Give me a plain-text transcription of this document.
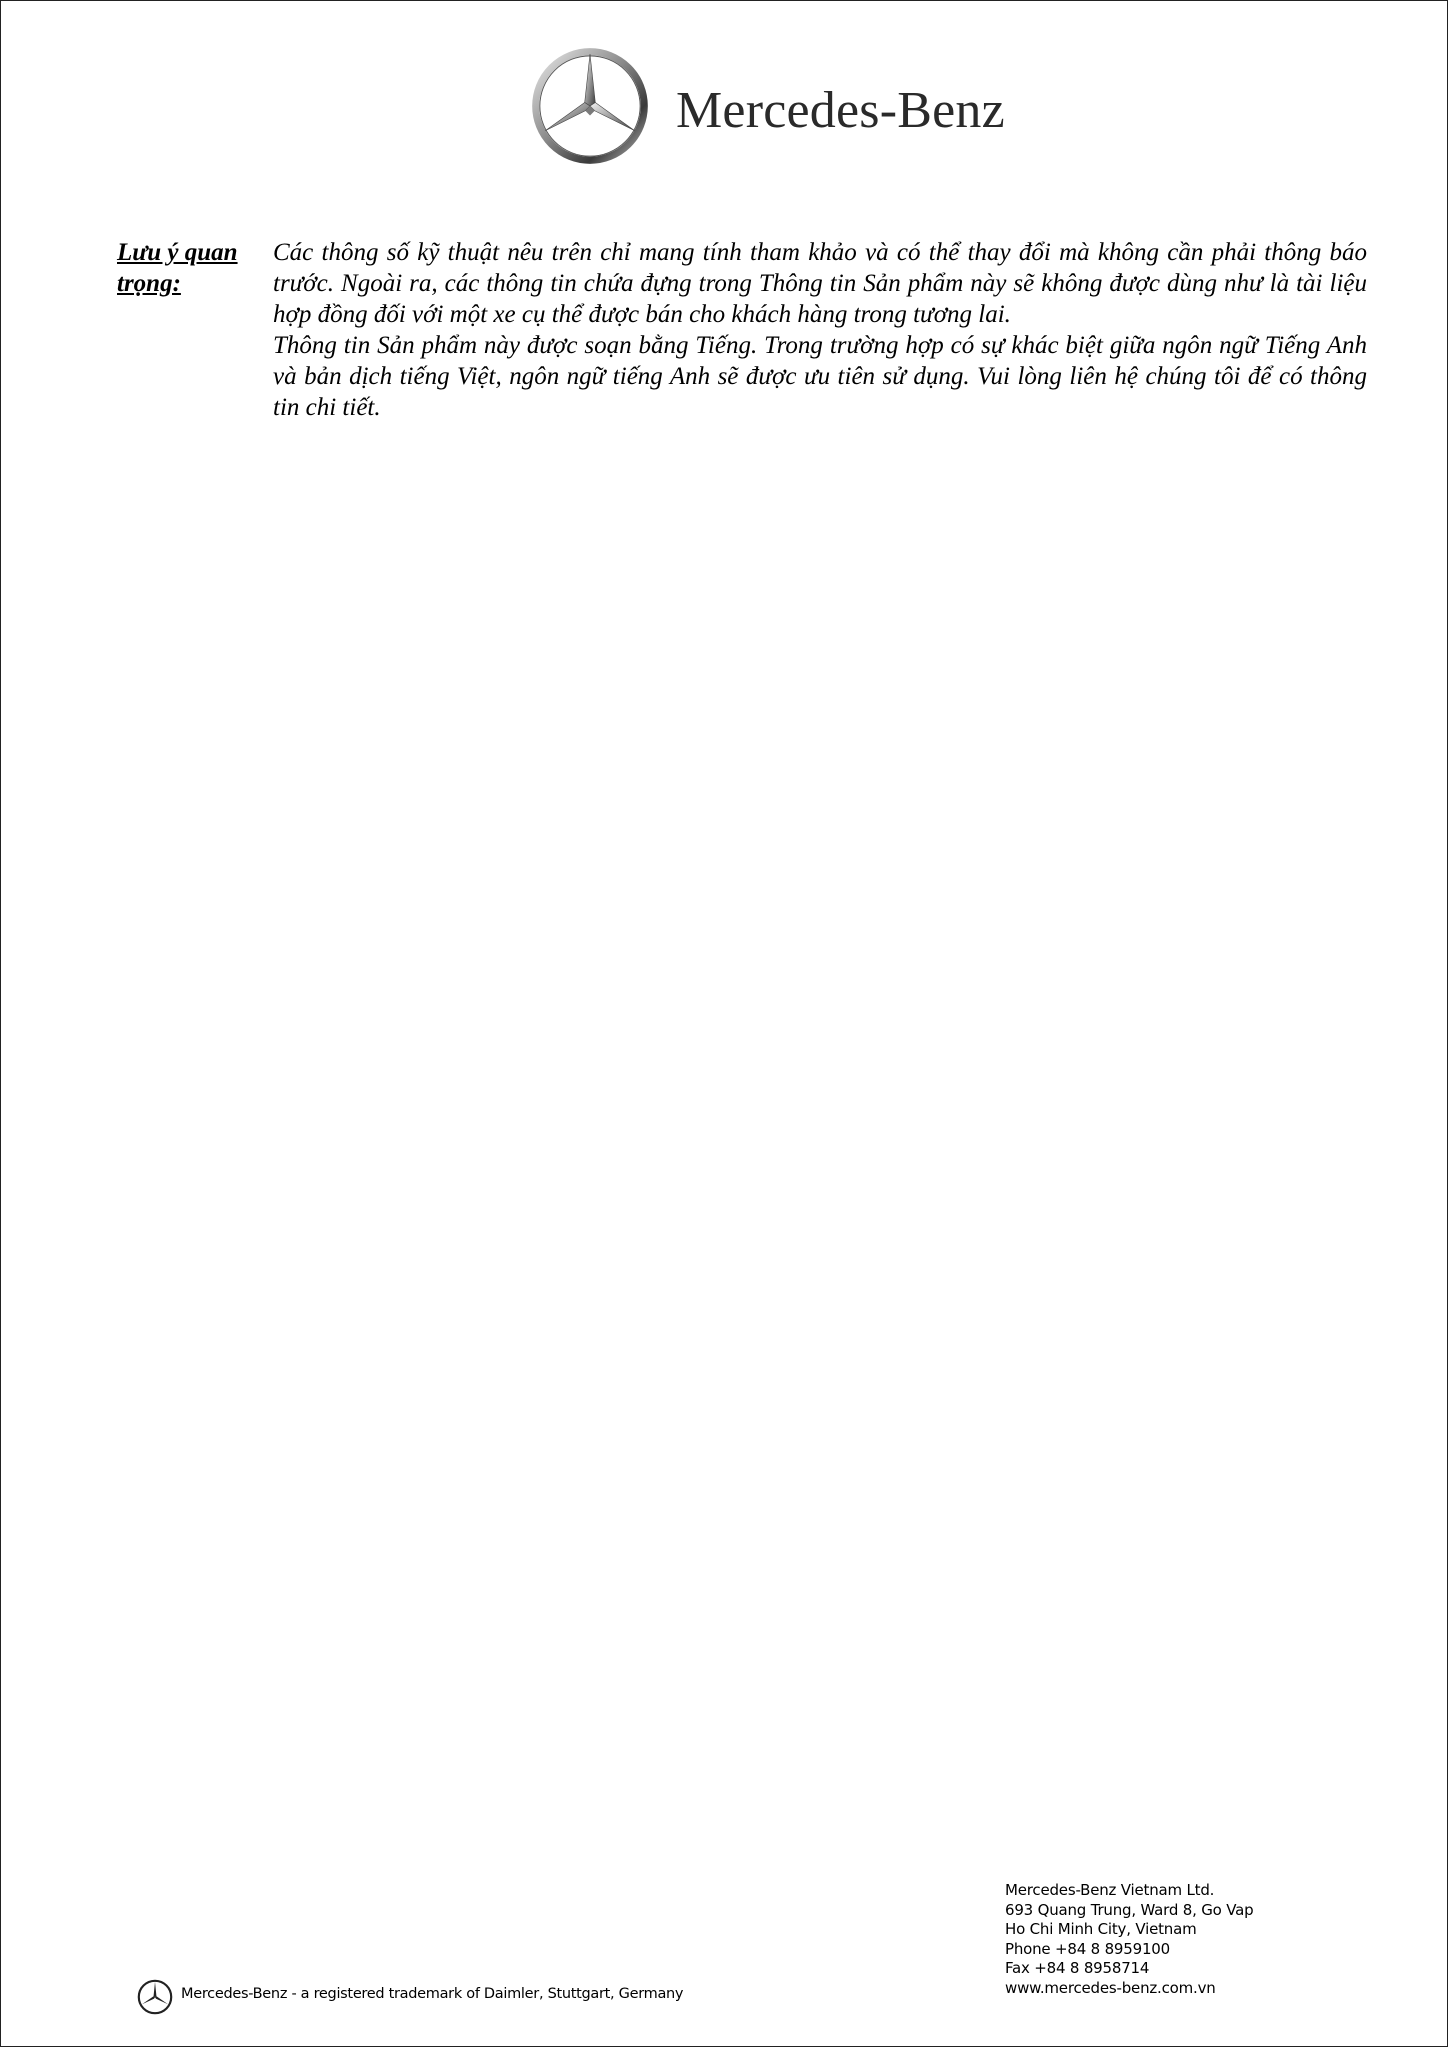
Mercedes-Benz
Lưu ý quan trọng:

Các thông số kỹ thuật nêu trên chỉ mang tính tham khảo và có thể thay đổi mà không cần phải thông báo trước. Ngoài ra, các thông tin chứa đựng trong Thông tin Sản phẩm này sẽ không được dùng như là tài liệu hợp đồng đối với một xe cụ thể được bán cho khách hàng trong tương lai.

Thông tin Sản phẩm này được soạn bằng Tiếng. Trong trường hợp có sự khác biệt giữa ngôn ngữ Tiếng Anh và bản dịch tiếng Việt, ngôn ngữ tiếng Anh sẽ được ưu tiên sử dụng. Vui lòng liên hệ chúng tôi để có thông tin chi tiết.

Mercedes-Benz - a registered trademark of Daimler, Stuttgart, Germany
Mercedes-Benz Vietnam Ltd.
693 Quang Trung, Ward 8, Go Vap
Ho Chi Minh City, Vietnam
Phone +84 8 8959100
Fax +84 8 8958714
www.mercedes-benz.com.vn
